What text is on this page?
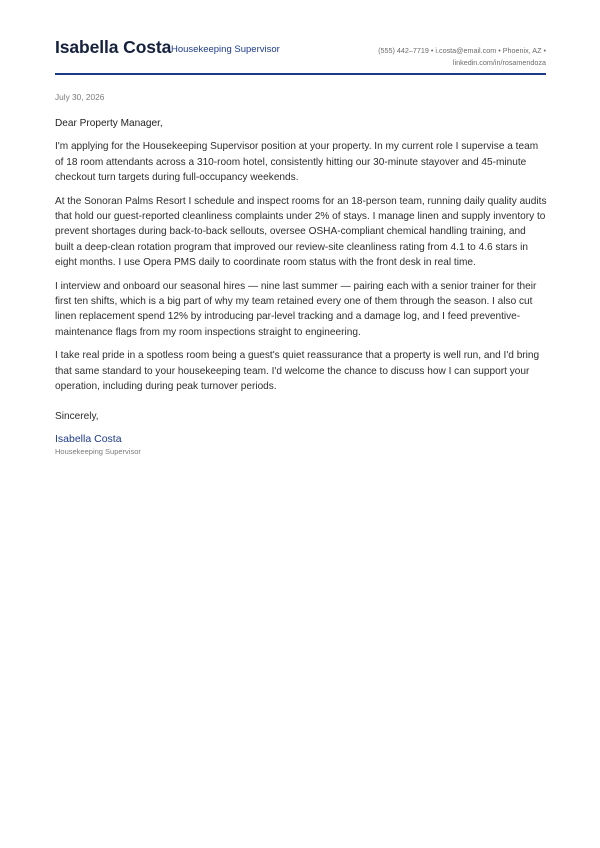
Isabella Costa Housekeeping Supervisor	(555) 442–7719 • i.costa@email.com • Phoenix, AZ •
linkedin.com/in/rosamendoza
July 30, 2026

Dear Property Manager,

I'm applying for the Housekeeping Supervisor position at your property. In my current role I supervise a team of 18 room attendants across a 310-room hotel, consistently hitting our 30-minute stayover and 45-minute checkout turn targets during full-occupancy weekends.

At the Sonoran Palms Resort I schedule and inspect rooms for an 18-person team, running daily quality audits that hold our guest-reported cleanliness complaints under 2% of stays. I manage linen and supply inventory to prevent shortages during back-to-back sellouts, oversee OSHA-compliant chemical handling training, and built a deep-clean rotation program that improved our review-site cleanliness rating from 4.1 to 4.6 stars in eight months. I use Opera PMS daily to coordinate room status with the front desk in real time.

I interview and onboard our seasonal hires — nine last summer — pairing each with a senior trainer for their first ten shifts, which is a big part of why my team retained every one of them through the season. I also cut linen replacement spend 12% by introducing par-level tracking and a damage log, and I feed preventive-maintenance flags from my room inspections straight to engineering.

I take real pride in a spotless room being a guest's quiet reassurance that a property is well run, and I'd bring that same standard to your housekeeping team. I'd welcome the chance to discuss how I can support your operation, including during peak turnover periods.

Sincerely,

Isabella Costa

Housekeeping Supervisor
